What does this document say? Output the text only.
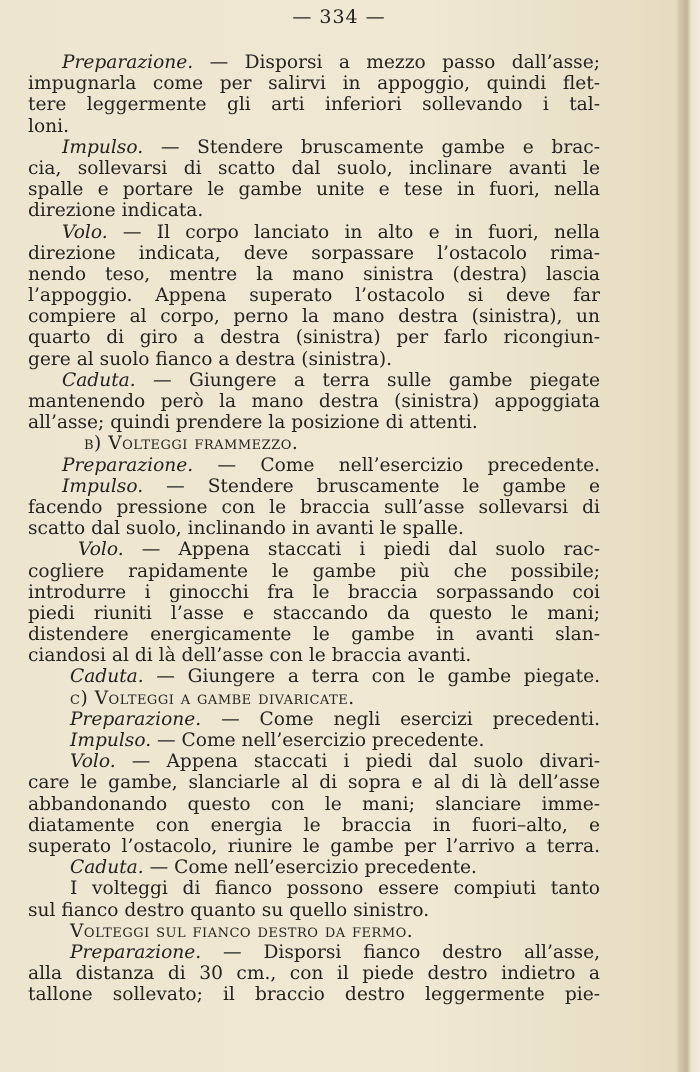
— 334 —
Preparazione. — Disporsi a mezzo passo dall’asse;
impugnarla come per salirvi in appoggio, quindi flet-
tere leggermente gli arti inferiori sollevando i tal-
loni.
Impulso. — Stendere bruscamente gambe e brac-
cia, sollevarsi di scatto dal suolo, inclinare avanti le
spalle e portare le gambe unite e tese in fuori, nella
direzione indicata.
Volo. — Il corpo lanciato in alto e in fuori, nella
direzione indicata, deve sorpassare l’ostacolo rima-
nendo teso, mentre la mano sinistra (destra) lascia
l’appoggio. Appena superato l’ostacolo si deve far
compiere al corpo, perno la mano destra (sinistra), un
quarto di giro a destra (sinistra) per farlo ricongiun-
gere al suolo fianco a destra (sinistra).
Caduta. — Giungere a terra sulle gambe piegate
mantenendo però la mano destra (sinistra) appoggiata
all’asse; quindi prendere la posizione di attenti.
b) Volteggi frammezzo.
Preparazione. — Come nell’esercizio precedente.
Impulso. — Stendere bruscamente le gambe e
facendo pressione con le braccia sull’asse sollevarsi di
scatto dal suolo, inclinando in avanti le spalle.
Volo. — Appena staccati i piedi dal suolo rac-
cogliere rapidamente le gambe più che possibile;
introdurre i ginocchi fra le braccia sorpassando coi
piedi riuniti l’asse e staccando da questo le mani;
distendere energicamente le gambe in avanti slan-
ciandosi al di là dell’asse con le braccia avanti.
Caduta. — Giungere a terra con le gambe piegate.
c) Volteggi a gambe divaricate.
Preparazione. — Come negli esercizi precedenti.
Impulso. — Come nell’esercizio precedente.
Volo. — Appena staccati i piedi dal suolo divari-
care le gambe, slanciarle al di sopra e al di là dell’asse
abbandonando questo con le mani; slanciare imme-
diatamente con energia le braccia in fuori–alto, e
superato l’ostacolo, riunire le gambe per l’arrivo a terra.
Caduta. — Come nell’esercizio precedente.
I volteggi di fianco possono essere compiuti tanto
sul fianco destro quanto su quello sinistro.
Volteggi sul fianco destro da fermo.
Preparazione. — Disporsi fianco destro all’asse,
alla distanza di 30 cm., con il piede destro indietro a
tallone sollevato; il braccio destro leggermente pie-
